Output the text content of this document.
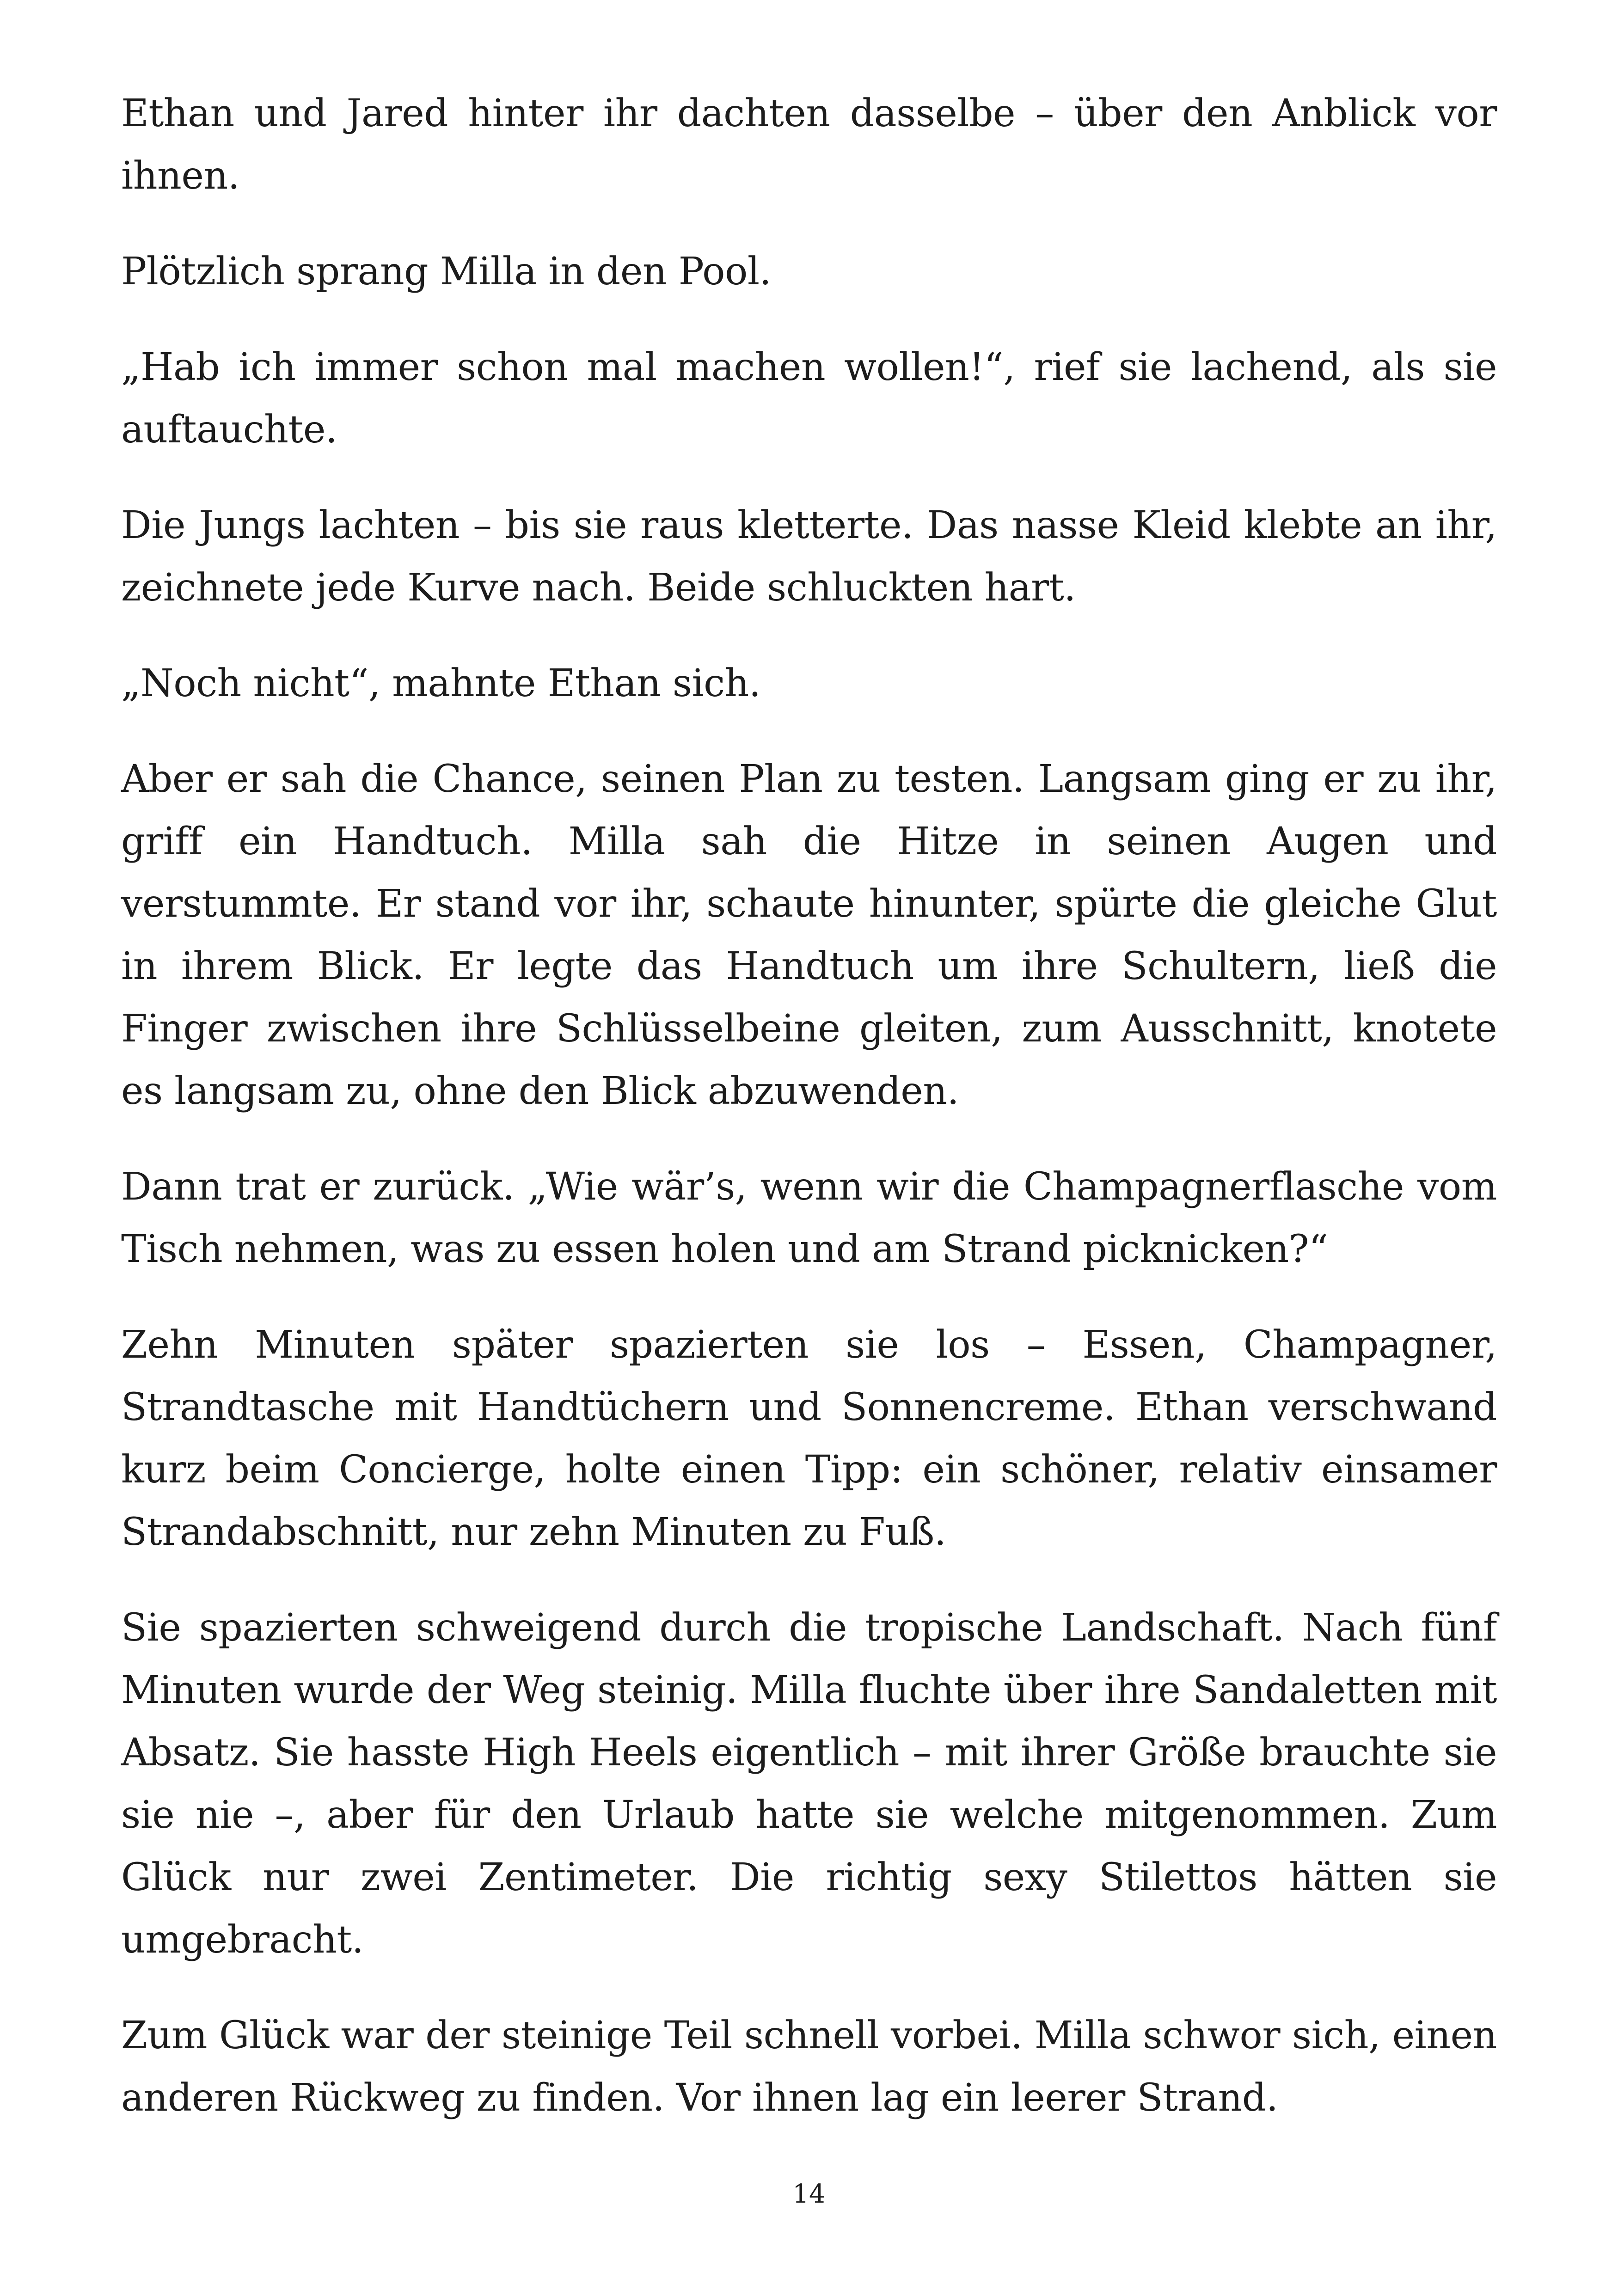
Ethan und Jared hinter ihr dachten dasselbe – über den Anblick vor ihnen.

Plötzlich sprang Milla in den Pool.

„Hab ich immer schon mal machen wollen!“, rief sie lachend, als sie auftauchte.

Die Jungs lachten – bis sie raus kletterte. Das nasse Kleid klebte an ihr, zeichnete jede Kurve nach. Beide schluckten hart.

„Noch nicht“, mahnte Ethan sich.

Aber er sah die Chance, seinen Plan zu testen. Langsam ging er zu ihr, griff ein Handtuch. Milla sah die Hitze in seinen Augen und verstummte. Er stand vor ihr, schaute hinunter, spürte die gleiche Glut in ihrem Blick. Er legte das Handtuch um ihre Schultern, ließ die Finger zwischen ihre Schlüsselbeine gleiten, zum Ausschnitt, knotete es langsam zu, ohne den Blick abzuwenden.

Dann trat er zurück. „Wie wär’s, wenn wir die Champagnerflasche vom Tisch nehmen, was zu essen holen und am Strand picknicken?“

Zehn Minuten später spazierten sie los – Essen, Champagner, Strandtasche mit Handtüchern und Sonnencreme. Ethan verschwand kurz beim Concierge, holte einen Tipp: ein schöner, relativ einsamer Strandabschnitt, nur zehn Minuten zu Fuß.

Sie spazierten schweigend durch die tropische Landschaft. Nach fünf Minuten wurde der Weg steinig. Milla fluchte über ihre Sandaletten mit Absatz. Sie hasste High Heels eigentlich – mit ihrer Größe brauchte sie sie nie –, aber für den Urlaub hatte sie welche mitgenommen. Zum Glück nur zwei Zentimeter. Die richtig sexy Stilettos hätten sie umgebracht.

Zum Glück war der steinige Teil schnell vorbei. Milla schwor sich, einen anderen Rückweg zu finden. Vor ihnen lag ein leerer Strand.

14
